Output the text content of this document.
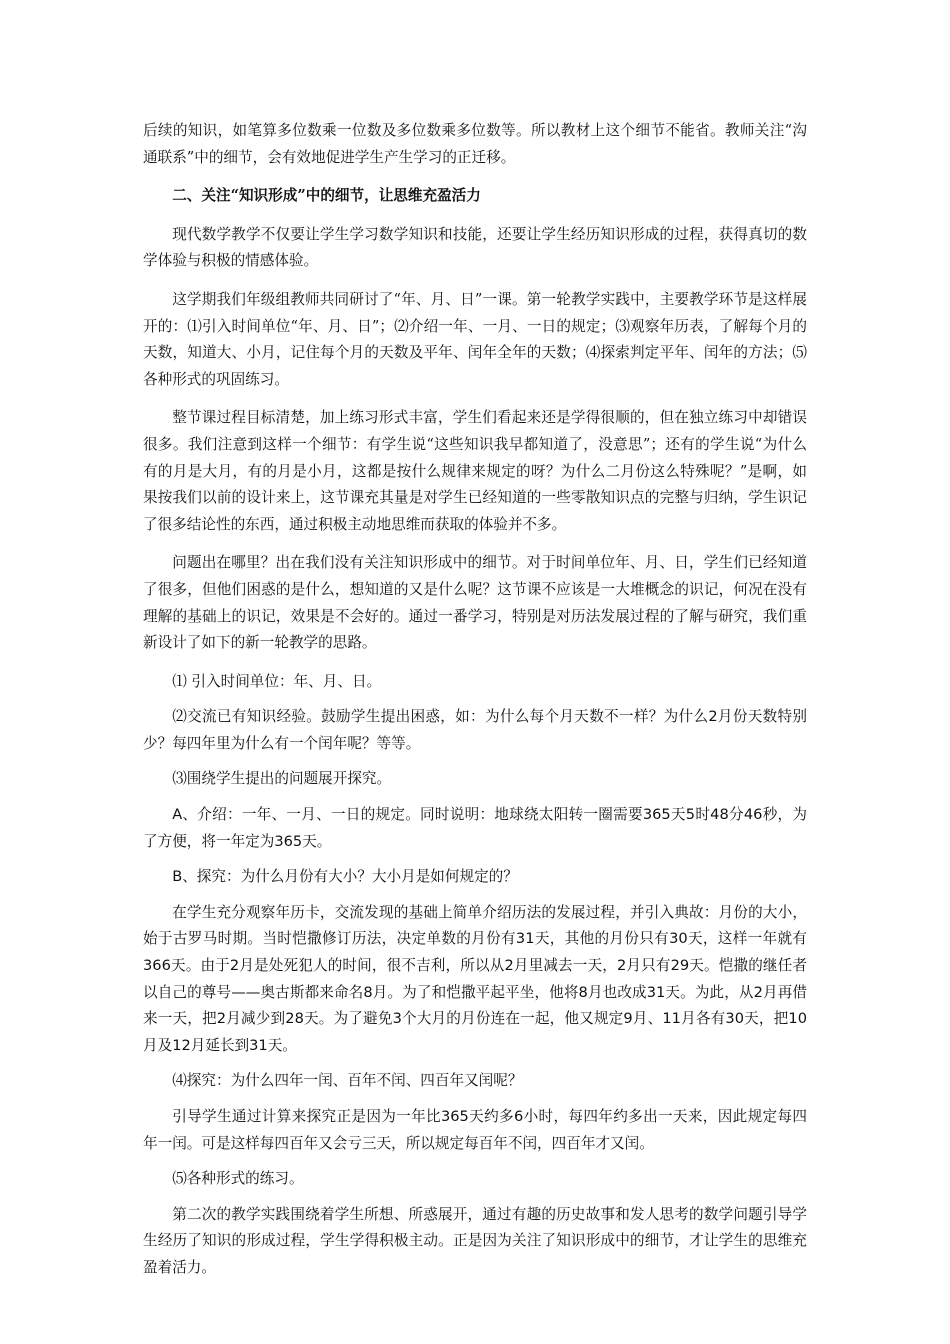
后续的知识，如笔算多位数乘一位数及多位数乘多位数等。所以教材上这个细节不能省。教师关注“沟通联系”中的细节，会有效地促进学生产生学习的正迁移。

二、关注“知识形成”中的细节，让思维充盈活力

现代数学教学不仅要让学生学习数学知识和技能，还要让学生经历知识形成的过程，获得真切的数学体验与积极的情感体验。

这学期我们年级组教师共同研讨了“年、月、日”一课。第一轮教学实践中，主要教学环节是这样展开的：⑴引入时间单位“年、月、日”；⑵介绍一年、一月、一日的规定；⑶观察年历表，了解每个月的天数，知道大、小月，记住每个月的天数及平年、闰年全年的天数；⑷探索判定平年、闰年的方法；⑸各种形式的巩固练习。

整节课过程目标清楚，加上练习形式丰富，学生们看起来还是学得很顺的，但在独立练习中却错误很多。我们注意到这样一个细节：有学生说“这些知识我早都知道了，没意思”；还有的学生说“为什么有的月是大月，有的月是小月，这都是按什么规律来规定的呀？为什么二月份这么特殊呢？”是啊，如果按我们以前的设计来上，这节课充其量是对学生已经知道的一些零散知识点的完整与归纳，学生识记了很多结论性的东西，通过积极主动地思维而获取的体验并不多。

问题出在哪里？出在我们没有关注知识形成中的细节。对于时间单位年、月、日，学生们已经知道了很多，但他们困惑的是什么，想知道的又是什么呢？这节课不应该是一大堆概念的识记，何况在没有理解的基础上的识记，效果是不会好的。通过一番学习，特别是对历法发展过程的了解与研究，我们重新设计了如下的新一轮教学的思路。

⑴ 引入时间单位：年、月、日。

⑵交流已有知识经验。鼓励学生提出困惑，如：为什么每个月天数不一样？为什么2月份天数特别少？每四年里为什么有一个闰年呢？等等。

⑶围绕学生提出的问题展开探究。

A、介绍：一年、一月、一日的规定。同时说明：地球绕太阳转一圈需要365天5时48分46秒，为了方便，将一年定为365天。

B、探究：为什么月份有大小？大小月是如何规定的？

在学生充分观察年历卡，交流发现的基础上简单介绍历法的发展过程，并引入典故：月份的大小，始于古罗马时期。当时恺撒修订历法，决定单数的月份有31天，其他的月份只有30天，这样一年就有366天。由于2月是处死犯人的时间，很不吉利，所以从2月里减去一天，2月只有29天。恺撒的继任者以自己的尊号——奥古斯都来命名8月。为了和恺撒平起平坐，他将8月也改成31天。为此，从2月再借来一天，把2月减少到28天。为了避免3个大月的月份连在一起，他又规定9月、11月各有30天，把10月及12月延长到31天。

⑷探究：为什么四年一闰、百年不闰、四百年又闰呢？

引导学生通过计算来探究正是因为一年比365天约多6小时，每四年约多出一天来，因此规定每四年一闰。可是这样每四百年又会亏三天，所以规定每百年不闰，四百年才又闰。

⑸各种形式的练习。

第二次的教学实践围绕着学生所想、所惑展开，通过有趣的历史故事和发人思考的数学问题引导学生经历了知识的形成过程，学生学得积极主动。正是因为关注了知识形成中的细节，才让学生的思维充盈着活力。
